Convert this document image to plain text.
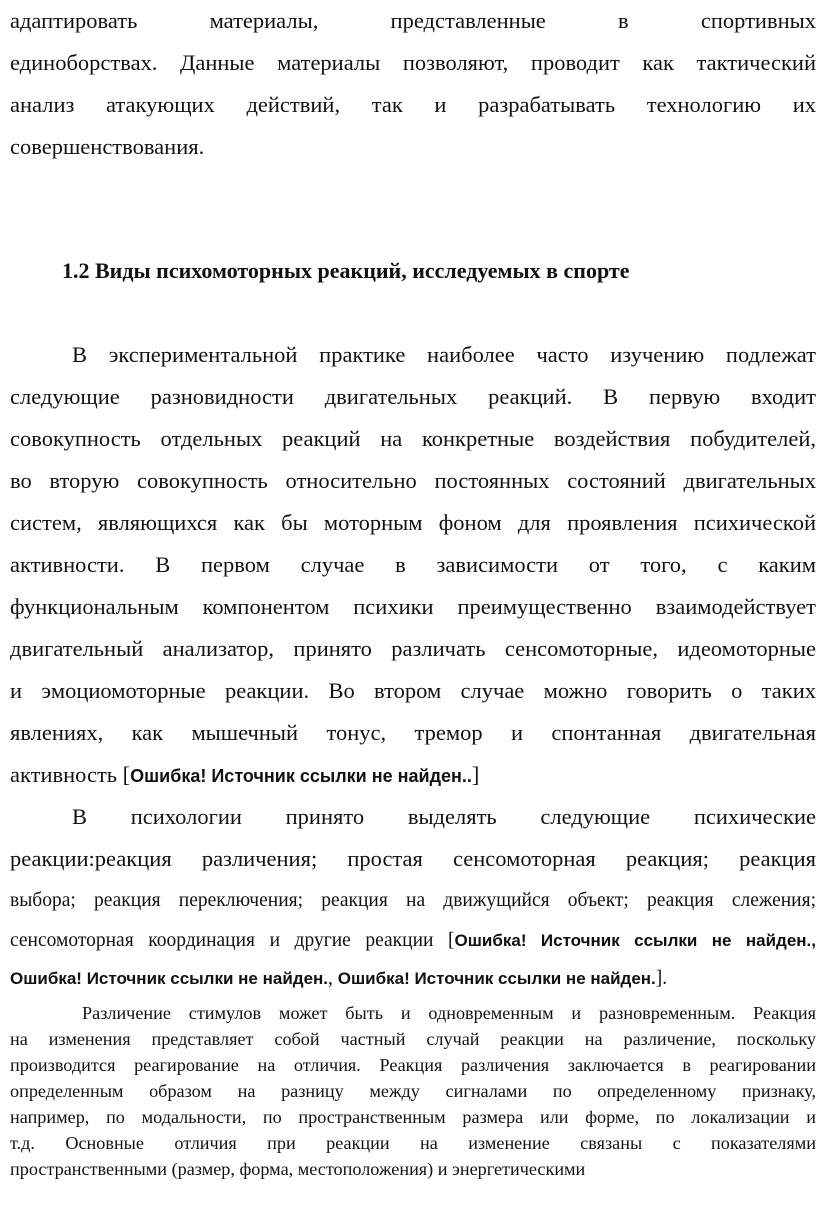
адаптировать материалы, представленные в спортивных
единоборствах. Данные материалы позволяют, проводит как тактический
анализ атакующих действий, так и разрабатывать технологию их
совершенствования.
1.2 Виды психомоторных реакций, исследуемых в спорте
В экспериментальной практике наиболее часто изучению подлежат
следующие разновидности двигательных реакций. В первую входит
совокупность отдельных реакций на конкретные воздействия побудителей,
во вторую совокупность относительно постоянных состояний двигательных
систем, являющихся как бы моторным фоном для проявления психической
активности. В первом случае в зависимости от того, с каким
функциональным компонентом психики преимущественно взаимодействует
двигательный анализатор, принято различать сенсомоторные, идеомоторные
и эмоциомоторные реакции. Во втором случае можно говорить о таких
явлениях, как мышечный тонус, тремор и спонтанная двигательная
активность [Ошибка! Источник ссылки не найден..]
В психологии принято выделять следующие психические
реакции:реакция различения; простая сенсомоторная реакция; реакция
выбора; реакция переключения; реакция на движущийся объект; реакция слежения;
сенсомоторная координация и другие реакции [Ошибка! Источник ссылки не найден.,
Ошибка! Источник ссылки не найден., Ошибка! Источник ссылки не найден.].
Различение стимулов может быть и одновременным и разновременным. Реакция
на изменения представляет собой частный случай реакции на различение, поскольку
производится реагирование на отличия. Реакция различения заключается в реагировании
определенным образом на разницу между сигналами по определенному признаку,
например, по модальности, по пространственным размера или форме, по локализации и
т.д. Основные отличия при реакции на изменение связаны с показателями
пространственными (размер, форма, местоположения) и энергетическими
